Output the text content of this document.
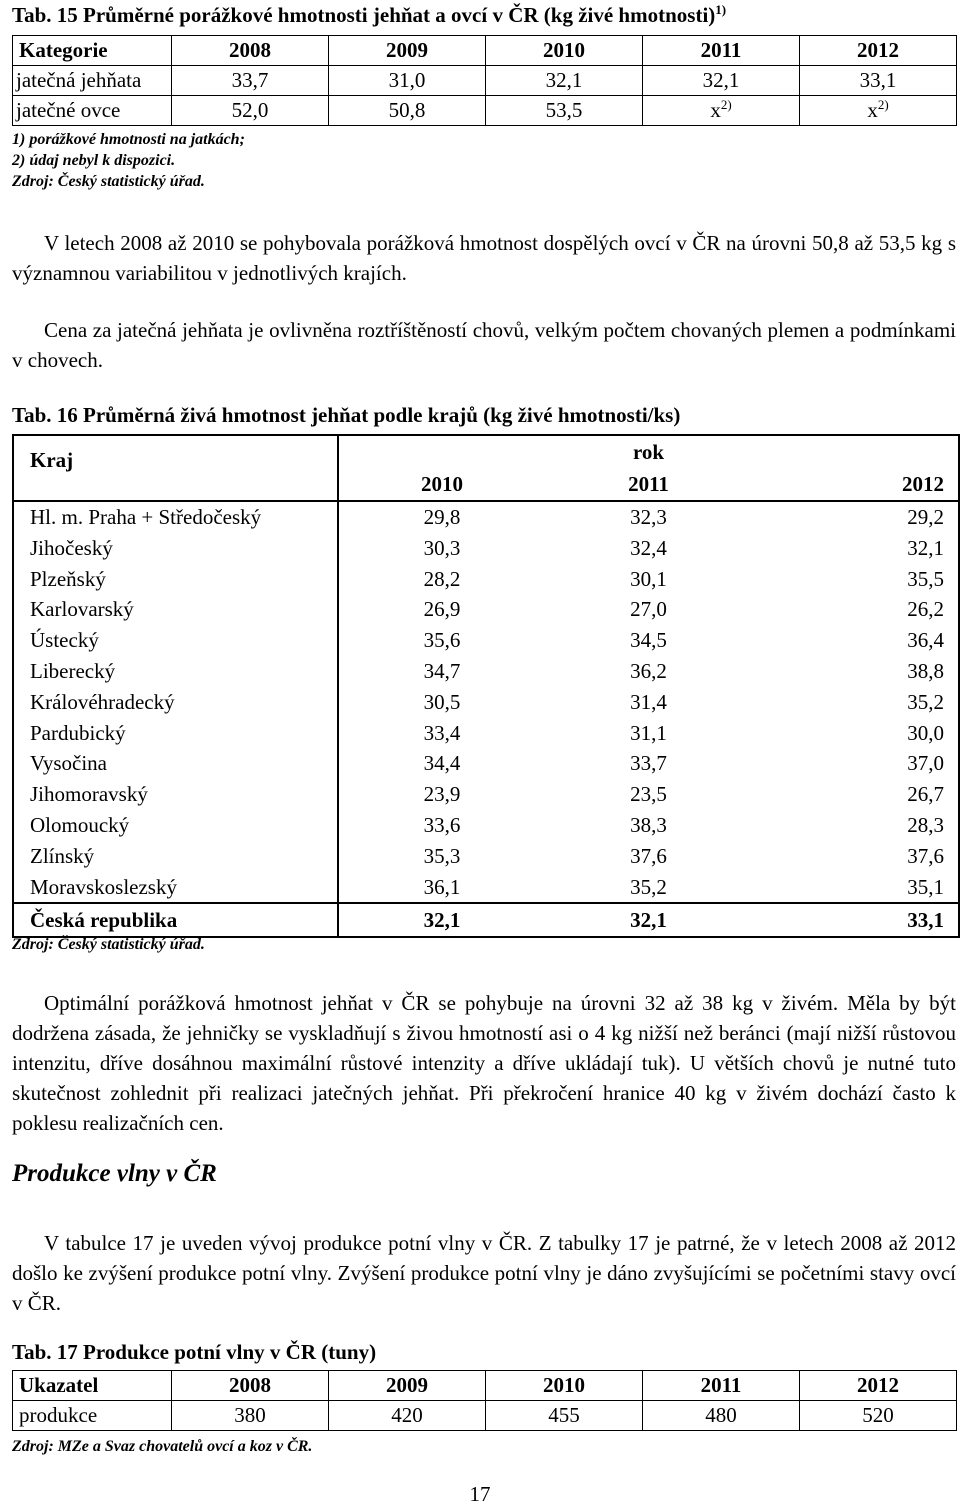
Tab. 15 Průměrné porážkové hmotnosti jehňat a ovcí v ČR (kg živé hmotnosti)$^{1)}$
Kategorie	2008	2009	2010	2011	2012
jatečná jehňata	33,7	31,0	32,1	32,1	33,1
jatečné ovce	52,0	50,8	53,5	$x^{2)}$	$x^{2)}$
1) porážkové hmotnosti na jatkách;
2) údaj nebyl k dispozici.
Zdroj: Český statistický úřad.
V letech 2008 až 2010 se pohybovala porážková hmotnost dospělých ovcí v ČR na úrovni 50,8 až 53,5 kg s významnou variabilitou v jednotlivých krajích.
Cena za jatečná jehňata je ovlivněna roztříštěností chovů, velkým počtem chovaných plemen a podmínkami v chovech.
Tab. 16 Průměrná živá hmotnost jehňat podle krajů (kg živé hmotnosti/ks)
Kraj	rok		
	2010	2011	2012
Hl. m. Praha + Středočeský	29,8	32,3	29,2
Jihočeský	30,3	32,4	32,1
Plzeňský	28,2	30,1	35,5
Karlovarský	26,9	27,0	26,2
Ústecký	35,6	34,5	36,4
Liberecký	34,7	36,2	38,8
Královéhradecký	30,5	31,4	35,2
Pardubický	33,4	31,1	30,0
Vysočina	34,4	33,7	37,0
Jihomoravský	23,9	23,5	26,7
Olomoucký	33,6	38,3	28,3
Zlínský	35,3	37,6	37,6
Moravskoslezský	36,1	35,2	35,1
Česká republika	32,1	32,1	33,1
Zdroj: Český statistický úřad.
Optimální porážková hmotnost jehňat v ČR se pohybuje na úrovni 32 až 38 kg v živém. Měla by být dodržena zásada, že jehničky se vyskladňují s živou hmotností asi o 4 kg nižší než beránci (mají nižší růstovou intenzitu, dříve dosáhnou maximální růstové intenzity a dříve ukládají tuk). U větších chovů je nutné tuto skutečnost zohlednit při realizaci jatečných jehňat. Při překročení hranice 40 kg v živém dochází často k poklesu realizačních cen.
Produkce vlny v ČR
V tabulce 17 je uveden vývoj produkce potní vlny v ČR. Z tabulky 17 je patrné, že v letech 2008 až 2012 došlo ke zvýšení produkce potní vlny. Zvýšení produkce potní vlny je dáno zvyšujícími se početními stavy ovcí v ČR.
Tab. 17 Produkce potní vlny v ČR (tuny)
Ukazatel	2008	2009	2010	2011	2012
produkce	380	420	455	480	520
Zdroj: MZe a Svaz chovatelů ovcí a koz v ČR.
17
